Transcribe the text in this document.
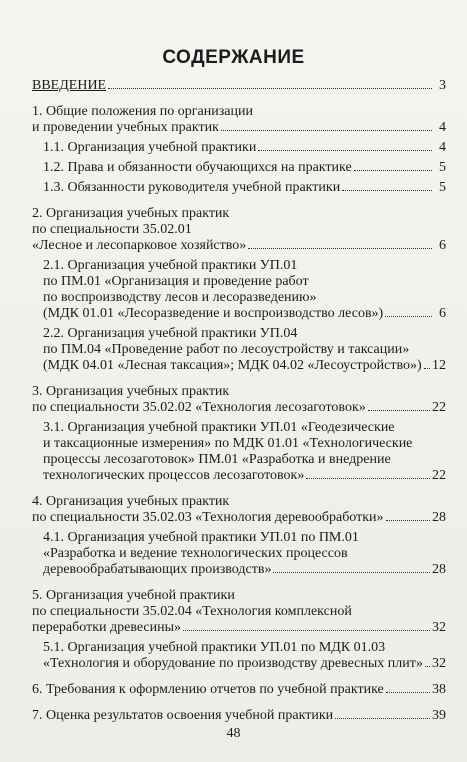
СОДЕРЖАНИЕ
ВВЕДЕНИЕ	3
1. Общие положения по организации
и проведении учебных практик	4
1.1. Организация учебной практики	4
1.2. Права и обязанности обучающихся на практике	5
1.3. Обязанности руководителя учебной практики	5
2. Организация учебных практик
по специальности 35.02.01
«Лесное и лесопарковое хозяйство»	6
2.1. Организация учебной практики УП.01
по ПМ.01 «Организация и проведение работ
по воспроизводству лесов и лесоразведению»
(МДК 01.01 «Лесоразведение и воспроизводство лесов»)	6
2.2. Организация учебной практики УП.04
по ПМ.04 «Проведение работ по лесоустройству и таксации»
(МДК 04.01 «Лесная таксация»; МДК 04.02 «Лесоустройство») 12
3. Организация учебных практик
по специальности 35.02.02 «Технология лесозаготовок»	22
3.1. Организация учебной практики УП.01 «Геодезические
и таксационные измерения» по МДК 01.01 «Технологические
процессы лесозаготовок» ПМ.01 «Разработка и внедрение
технологических процессов лесозаготовок»	22
4. Организация учебных практик
по специальности 35.02.03 «Технология деревообработки»	28
4.1. Организация учебной практики УП.01 по ПМ.01
«Разработка и ведение технологических процессов
деревообрабатывающих производств»	28
5. Организация учебной практики
по специальности 35.02.04 «Технология комплексной
переработки древесины»	32
5.1. Организация учебной практики УП.01 по МДК 01.03
«Технология и оборудование по производству древесных плит» 32
6. Требования к оформлению отчетов по учебной практике	38
7. Оценка результатов освоения учебной практики	39
48
